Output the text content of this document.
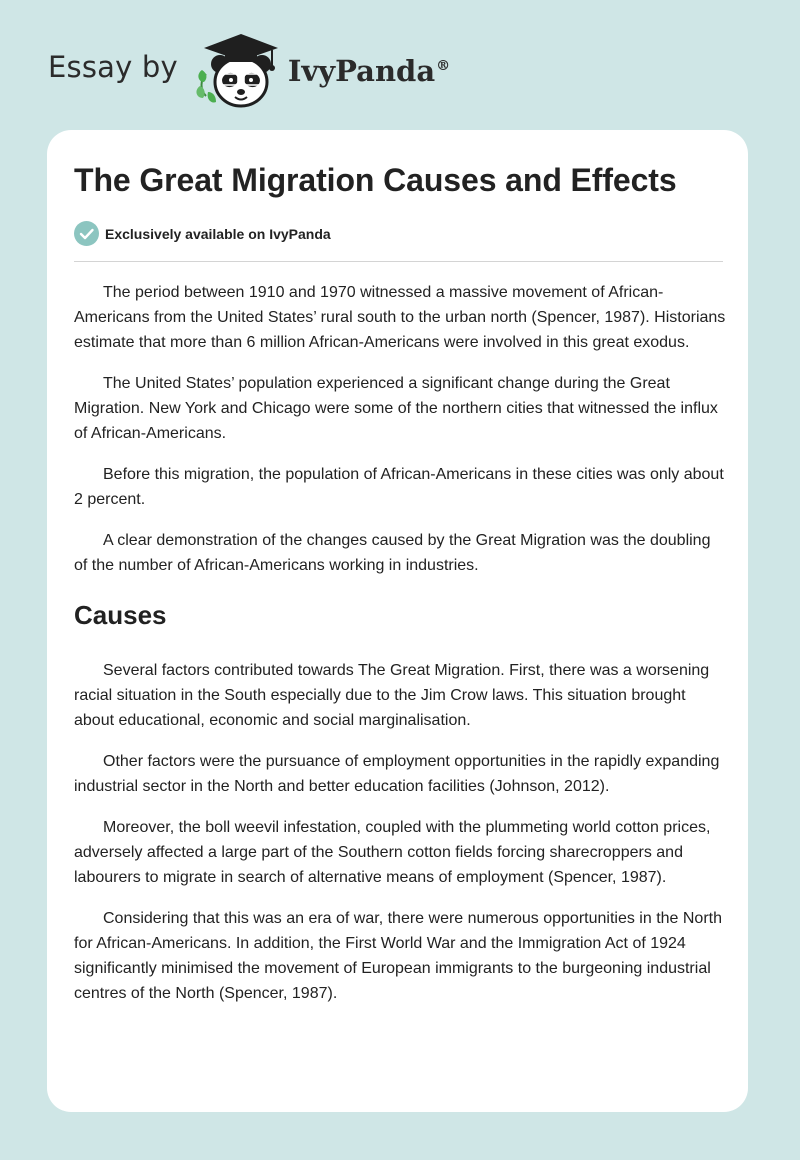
Essay by	IvyPanda®
The Great Migration Causes and Effects
Exclusively available on IvyPanda

The period between 1910 and 1970 witnessed a massive movement of African-Americans from the United States’ rural south to the urban north (Spencer, 1987). Historians estimate that more than 6 million African-Americans were involved in this great exodus.

The United States’ population experienced a significant change during the Great Migration. New York and Chicago were some of the northern cities that witnessed the influx of African-Americans.

Before this migration, the population of African-Americans in these cities was only about 2 percent.

A clear demonstration of the changes caused by the Great Migration was the doubling of the number of African-Americans working in industries.

Causes

Several factors contributed towards The Great Migration. First, there was a worsening racial situation in the South especially due to the Jim Crow laws. This situation brought about educational, economic and social marginalisation.

Other factors were the pursuance of employment opportunities in the rapidly expanding industrial sector in the North and better education facilities (Johnson, 2012).

Moreover, the boll weevil infestation, coupled with the plummeting world cotton prices, adversely affected a large part of the Southern cotton fields forcing sharecroppers and labourers to migrate in search of alternative means of employment (Spencer, 1987).

Considering that this was an era of war, there were numerous opportunities in the North for African-Americans. In addition, the First World War and the Immigration Act of 1924 significantly minimised the movement of European immigrants to the burgeoning industrial centres of the North (Spencer, 1987).
